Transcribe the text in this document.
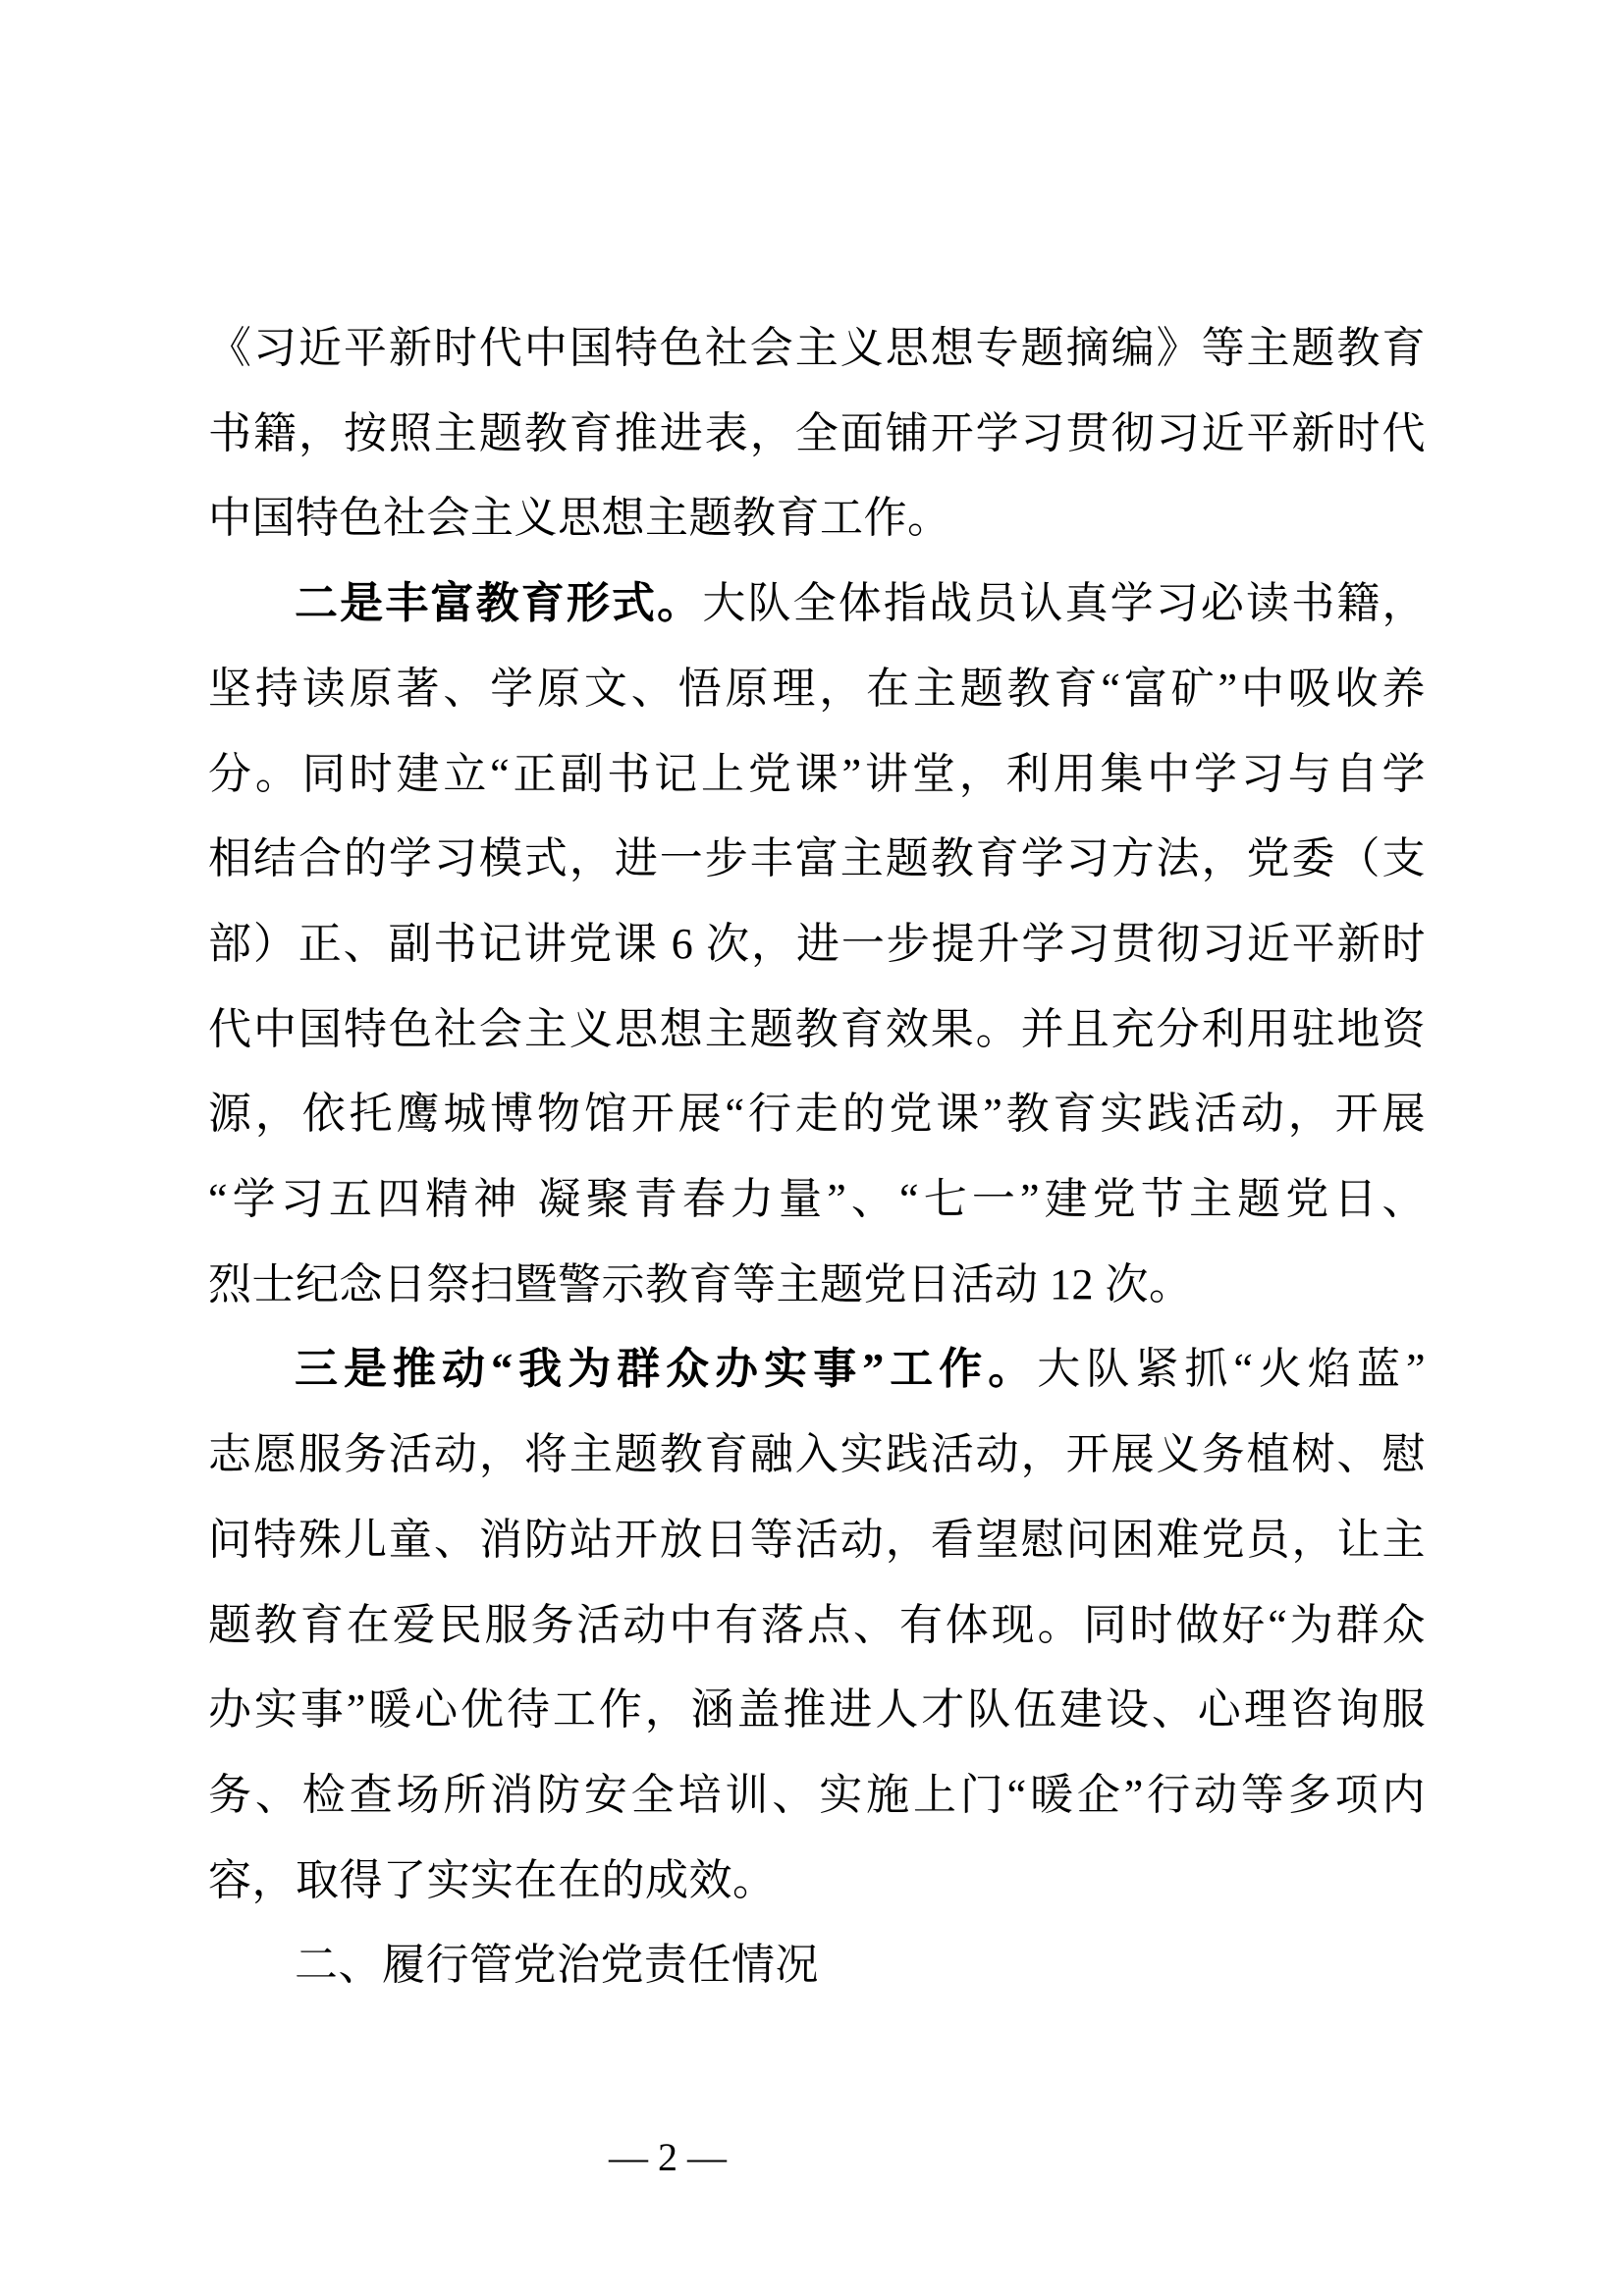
《习近平新时代中国特色社会主义思想专题摘编》等主题教育
书籍，按照主题教育推进表，全面铺开学习贯彻习近平新时代
中国特色社会主义思想主题教育工作。
二是丰富教育形式。大队全体指战员认真学习必读书籍，
坚持读原著、学原文、悟原理，在主题教育“富矿”中吸收养
分。同时建立“正副书记上党课”讲堂，利用集中学习与自学
相结合的学习模式，进一步丰富主题教育学习方法，党委（支
部）正、副书记讲党课 6 次，进一步提升学习贯彻习近平新时
代中国特色社会主义思想主题教育效果。并且充分利用驻地资
源，依托鹰城博物馆开展“行走的党课”教育实践活动，开展
“学习五四精神 凝聚青春力量”、“七一”建党节主题党日、
烈士纪念日祭扫暨警示教育等主题党日活动 12 次。
三是推动“我为群众办实事”工作。大队紧抓“火焰蓝”
志愿服务活动，将主题教育融入实践活动，开展义务植树、慰
问特殊儿童、消防站开放日等活动，看望慰问困难党员，让主
题教育在爱民服务活动中有落点、有体现。同时做好“为群众
办实事”暖心优待工作，涵盖推进人才队伍建设、心理咨询服
务、检查场所消防安全培训、实施上门“暖企”行动等多项内
容，取得了实实在在的成效。
二、履行管党治党责任情况
— 2 —
